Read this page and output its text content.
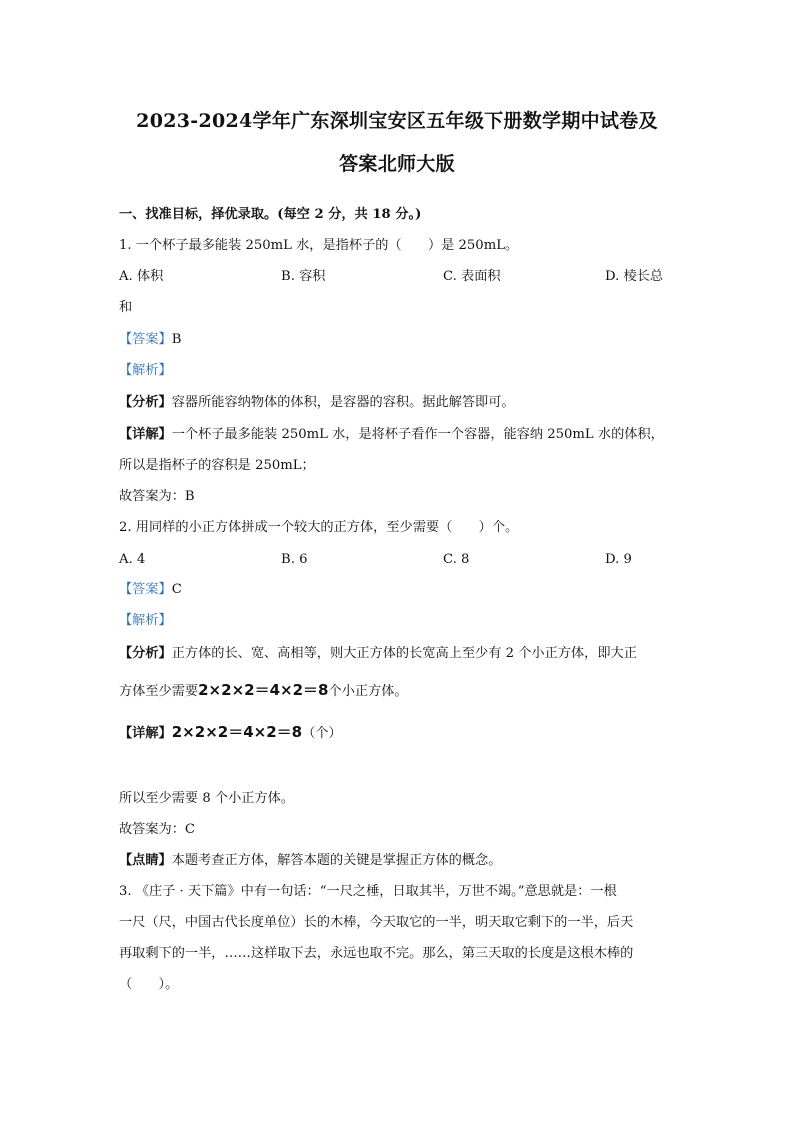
2023-2024学年广东深圳宝安区五年级下册数学期中试卷及
答案北师大版
一、找准目标，择优录取。(每空 2 分，共 18 分。)
1. 一个杯子最多能装 250mL 水，是指杯子的（　　）是 250mL。
A. 体积	B. 容积	C. 表面积	D. 棱长总
和
【答案】B
【解析】
【分析】容器所能容纳物体的体积，是容器的容积。据此解答即可。
【详解】一个杯子最多能装 250mL 水，是将杯子看作一个容器，能容纳 250mL 水的体积，
所以是指杯子的容积是 250mL；
故答案为：B
2. 用同样的小正方体拼成一个较大的正方体，至少需要（　　）个。
A. 4	B. 6	C. 8	D. 9
【答案】C
【解析】
【分析】正方体的长、宽、高相等，则大正方体的长宽高上至少有 2 个小正方体，即大正
方体至少需要2×2×2＝4×2＝8个小正方体。
【详解】2×2×2＝4×2＝8（个）
所以至少需要 8 个小正方体。
故答案为：C
【点睛】本题考查正方体，解答本题的关键是掌握正方体的概念。
3. 《庄子 · 天下篇》中有一句话：“一尺之棰，日取其半，万世不竭。”意思就是：一根
一尺（尺，中国古代长度单位）长的木棒，今天取它的一半，明天取它剩下的一半，后天
再取剩下的一半，……这样取下去，永远也取不完。那么，第三天取的长度是这根木棒的
（　　）。
